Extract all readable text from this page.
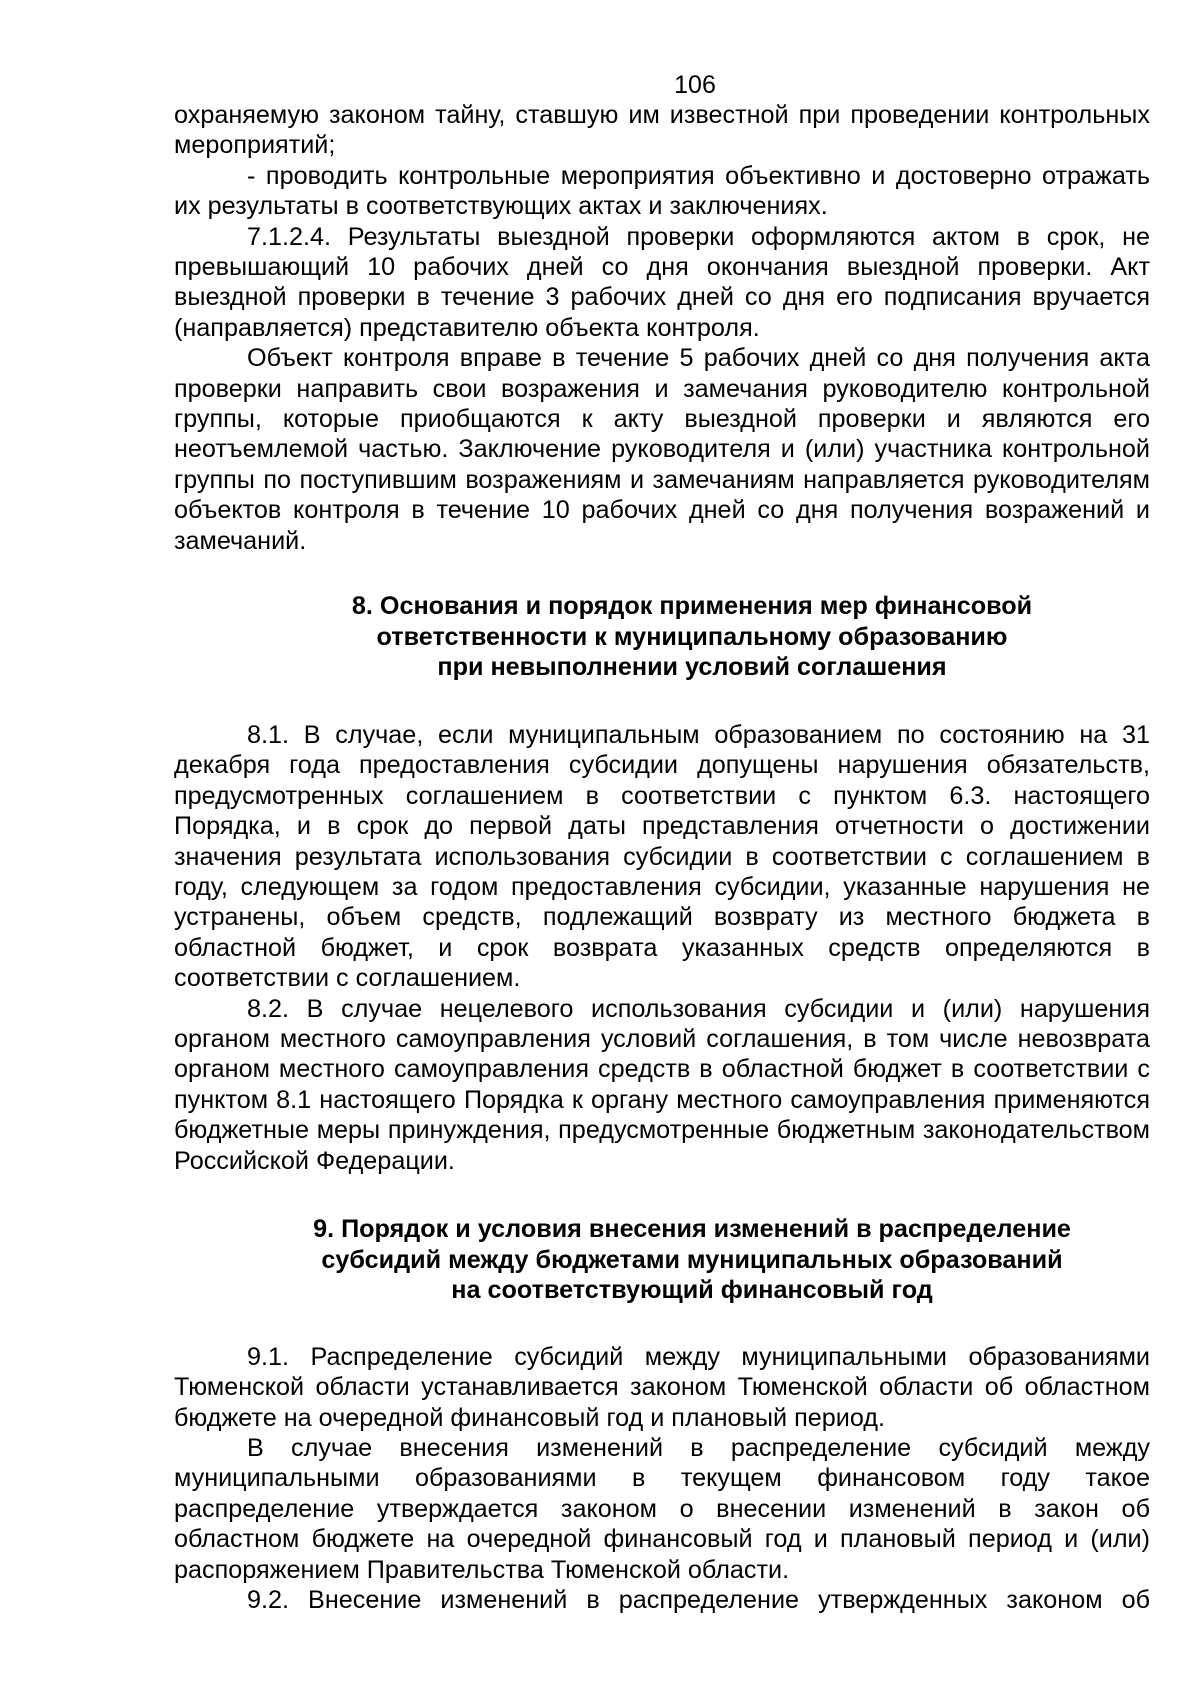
106

охраняемую законом тайну, ставшую им известной при проведении контрольных мероприятий;

- проводить контрольные мероприятия объективно и достоверно отражать их результаты в соответствующих актах и заключениях.

7.1.2.4. Результаты выездной проверки оформляются актом в срок, не превышающий 10 рабочих дней со дня окончания выездной проверки. Акт выездной проверки в течение 3 рабочих дней со дня его подписания вручается (направляется) представителю объекта контроля.

Объект контроля вправе в течение 5 рабочих дней со дня получения акта проверки направить свои возражения и замечания руководителю контрольной группы, которые приобщаются к акту выездной проверки и являются его неотъемлемой частью. Заключение руководителя и (или) участника контрольной группы по поступившим возражениям и замечаниям направляется руководителям объектов контроля в течение 10 рабочих дней со дня получения возражений и замечаний.

8. Основания и порядок применения мер финансовой
ответственности к муниципальному образованию
при невыполнении условий соглашения

8.1. В случае, если муниципальным образованием по состоянию на 31 декабря года предоставления субсидии допущены нарушения обязательств, предусмотренных соглашением в соответствии с пунктом 6.3. настоящего Порядка, и в срок до первой даты представления отчетности о достижении значения результата использования субсидии в соответствии с соглашением в году, следующем за годом предоставления субсидии, указанные нарушения не устранены, объем средств, подлежащий возврату из местного бюджета в областной бюджет, и срок возврата указанных средств определяются в соответствии с соглашением.

8.2. В случае нецелевого использования субсидии и (или) нарушения органом местного самоуправления условий соглашения, в том числе невозврата органом местного самоуправления средств в областной бюджет в соответствии с пунктом 8.1 настоящего Порядка к органу местного самоуправления применяются бюджетные меры принуждения, предусмотренные бюджетным законодательством Российской Федерации.

9. Порядок и условия внесения изменений в распределение
субсидий между бюджетами муниципальных образований
на соответствующий финансовый год

9.1. Распределение субсидий между муниципальными образованиями Тюменской области устанавливается законом Тюменской области об областном бюджете на очередной финансовый год и плановый период.

В случае внесения изменений в распределение субсидий между муниципальными образованиями в текущем финансовом году такое распределение утверждается законом о внесении изменений в закон об областном бюджете на очередной финансовый год и плановый период и (или) распоряжением Правительства Тюменской области.

9.2. Внесение изменений в распределение утвержденных законом об
